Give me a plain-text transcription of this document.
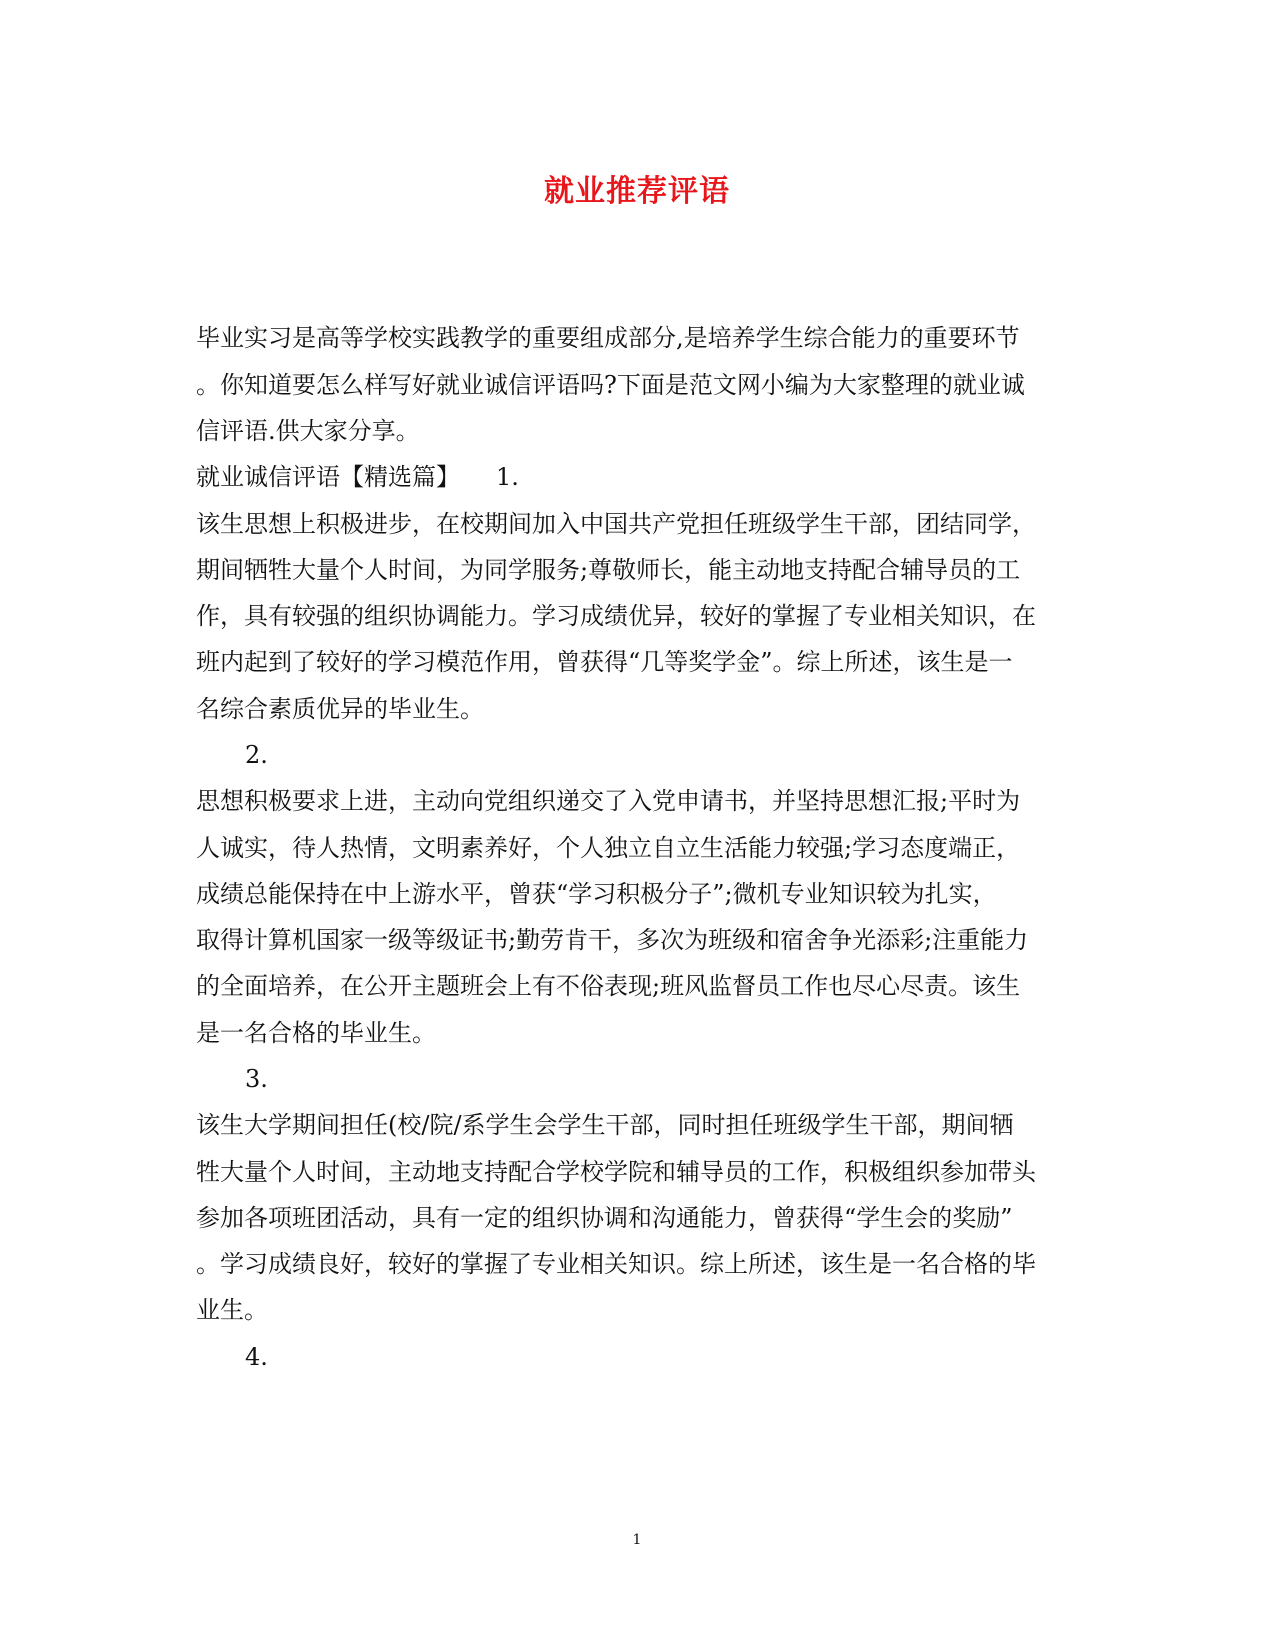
就业推荐评语

毕业实习是高等学校实践教学的重要组成部分,是培养学生综合能力的重要环节

。你知道要怎么样写好就业诚信评语吗?下面是范文网小编为大家整理的就业诚

信评语.供大家分享。

就业诚信评语【精选篇】　　1.

该生思想上积极进步，在校期间加入中国共产党担任班级学生干部，团结同学，

期间牺牲大量个人时间，为同学服务;尊敬师长，能主动地支持配合辅导员的工

作，具有较强的组织协调能力。学习成绩优异，较好的掌握了专业相关知识，在

班内起到了较好的学习模范作用，曾获得“几等奖学金”。综上所述，该生是一

名综合素质优异的毕业生。

2.

思想积极要求上进，主动向党组织递交了入党申请书，并坚持思想汇报;平时为

人诚实，待人热情，文明素养好，个人独立自立生活能力较强;学习态度端正，

成绩总能保持在中上游水平，曾获“学习积极分子”;微机专业知识较为扎实，

取得计算机国家一级等级证书;勤劳肯干，多次为班级和宿舍争光添彩;注重能力

的全面培养，在公开主题班会上有不俗表现;班风监督员工作也尽心尽责。该生

是一名合格的毕业生。

3.

该生大学期间担任(校/院/系学生会学生干部，同时担任班级学生干部，期间牺

牲大量个人时间，主动地支持配合学校学院和辅导员的工作，积极组织参加带头

参加各项班团活动，具有一定的组织协调和沟通能力，曾获得“学生会的奖励”

。学习成绩良好，较好的掌握了专业相关知识。综上所述，该生是一名合格的毕

业生。

4.

1
